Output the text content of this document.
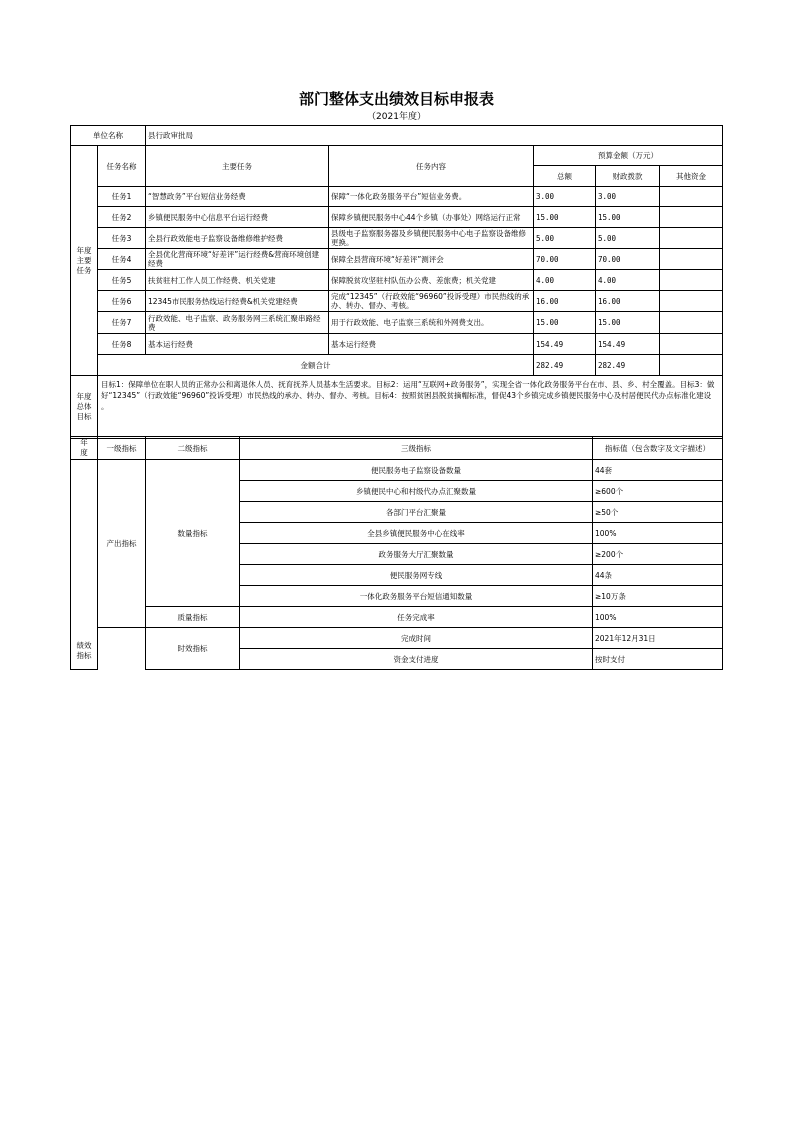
部门整体支出绩效目标申报表
（2021年度）
单位名称		县行政审批局				
年度
主要
任务	任务名称	主要任务	任务内容	预算金额（万元）		
				总额	财政拨款	其他资金
	任务1	“智慧政务”平台短信业务经费	保障“一体化政务服务平台”短信业务费。	3.00	3.00	
	任务2	乡镇便民服务中心信息平台运行经费	保障乡镇便民服务中心44个乡镇（办事处）网络运行正常	15.00	15.00	
	任务3	全县行政效能电子监察设备维修维护经费	县级电子监察服务器及乡镇便民服务中心电子监察设备维修更换。	5.00	5.00	
	任务4	全县优化营商环境“好差评”运行经费&营商环境创建经费	保障全县营商环境“好差评”测评会	70.00	70.00	
	任务5	扶贫驻村工作人员工作经费、机关党建	保障脱贫攻坚驻村队伍办公费、差旅费；机关党建	4.00	4.00	
	任务6	12345市民服务热线运行经费&机关党建经费	完成“12345”（行政效能“96960”投诉受理）市民热线的承办、转办、督办、考核。	16.00	16.00	
	任务7	行政效能、电子监察、政务服务网三系统汇聚串路经费	用于行政效能、电子监察三系统和外网费支出。	15.00	15.00	
	任务8	基本运行经费	基本运行经费	154.49	154.49	
	金额合计			282.49	282.49	
年度
总体
目标	目标1：保障单位在职人员的正常办公和离退休人员、抚育抚养人员基本生活要求。目标2：运用“互联网+政务服务”，实现全省一体化政务服务平台在市、县、乡、村全覆盖。目标3：做好“12345”（行政效能“96960”投诉受理）市民热线的承办、转办、督办、考核。目标4：按照贫困县脱贫摘帽标准，督促43个乡镇完成乡镇便民服务中心及村居便民代办点标准化建设 。					
年
度	一级指标	二级指标	三级指标	指标值（包含数字及文字描述）
绩效
指标	产出指标	数量指标	便民服务电子监察设备数量	44套
			乡镇便民中心和村级代办点汇聚数量	≥600个
			各部门平台汇聚量	≥50个
			全县乡镇便民服务中心在线率	100%
			政务服务大厅汇聚数量	≥200个
			便民服务网专线	44条
			一体化政务服务平台短信通知数量	≥10万条
		质量指标	任务完成率	100%
		时效指标	完成时间	2021年12月31日
			资金支付进度	按时支付
